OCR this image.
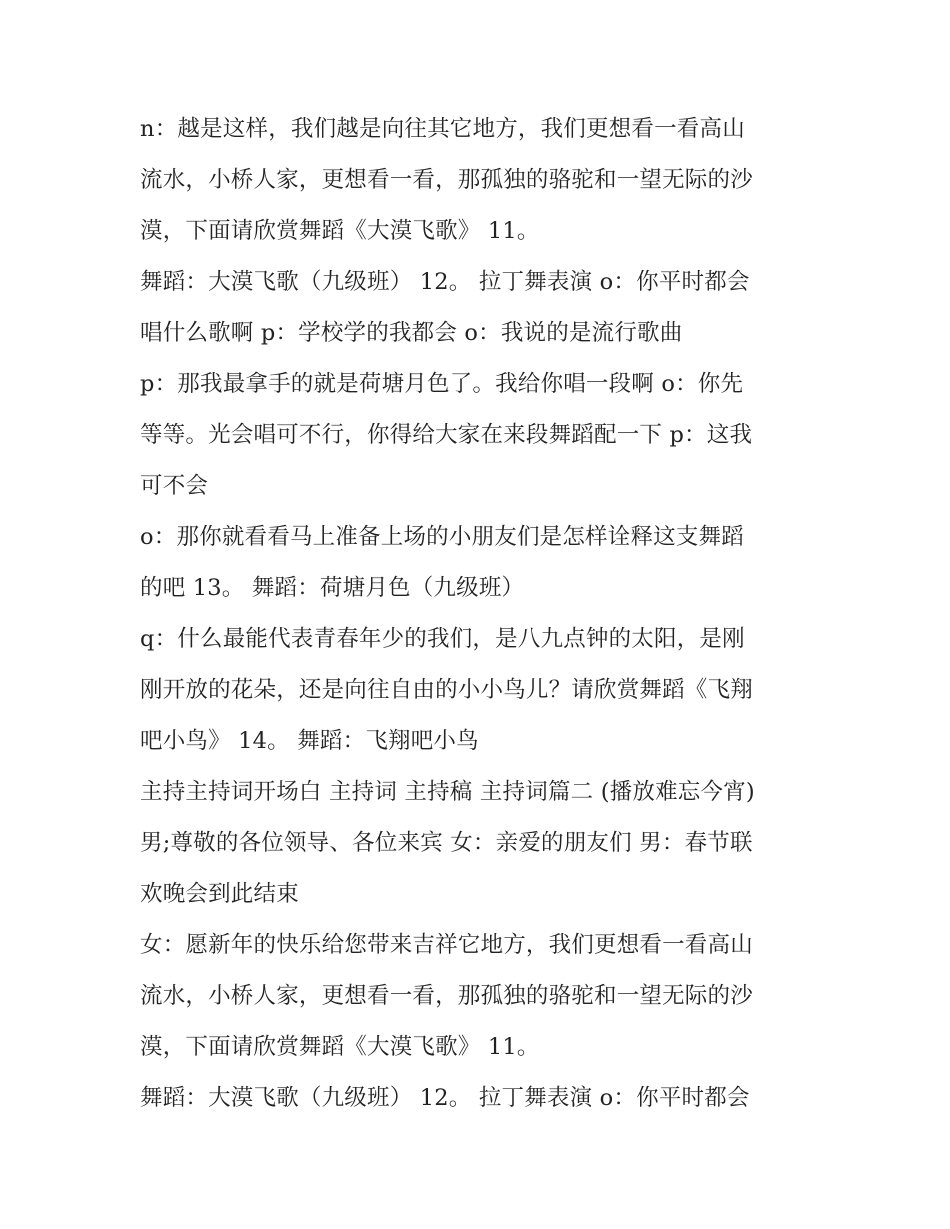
n：越是这样，我们越是向往其它地方，我们更想看一看高山
流水，小桥人家，更想看一看，那孤独的骆驼和一望无际的沙
漠，下面请欣赏舞蹈《大漠飞歌》 11。
舞蹈：大漠飞歌（九级班） 12。 拉丁舞表演 o：你平时都会
唱什么歌啊 p：学校学的我都会 o：我说的是流行歌曲
p：那我最拿手的就是荷塘月色了。我给你唱一段啊 o：你先
等等。光会唱可不行，你得给大家在来段舞蹈配一下 p：这我
可不会
o：那你就看看马上准备上场的小朋友们是怎样诠释这支舞蹈
的吧 13。 舞蹈：荷塘月色（九级班）
q：什么最能代表青春年少的我们，是八九点钟的太阳，是刚
刚开放的花朵，还是向往自由的小小鸟儿？请欣赏舞蹈《飞翔
吧小鸟》 14。 舞蹈：飞翔吧小鸟
主持主持词开场白 主持词 主持稿 主持词篇二 (播放难忘今宵)
男;尊敬的各位领导、各位来宾 女：亲爱的朋友们 男：春节联
欢晚会到此结束
女：愿新年的快乐给您带来吉祥它地方，我们更想看一看高山
流水，小桥人家，更想看一看，那孤独的骆驼和一望无际的沙
漠，下面请欣赏舞蹈《大漠飞歌》 11。
舞蹈：大漠飞歌（九级班） 12。 拉丁舞表演 o：你平时都会
